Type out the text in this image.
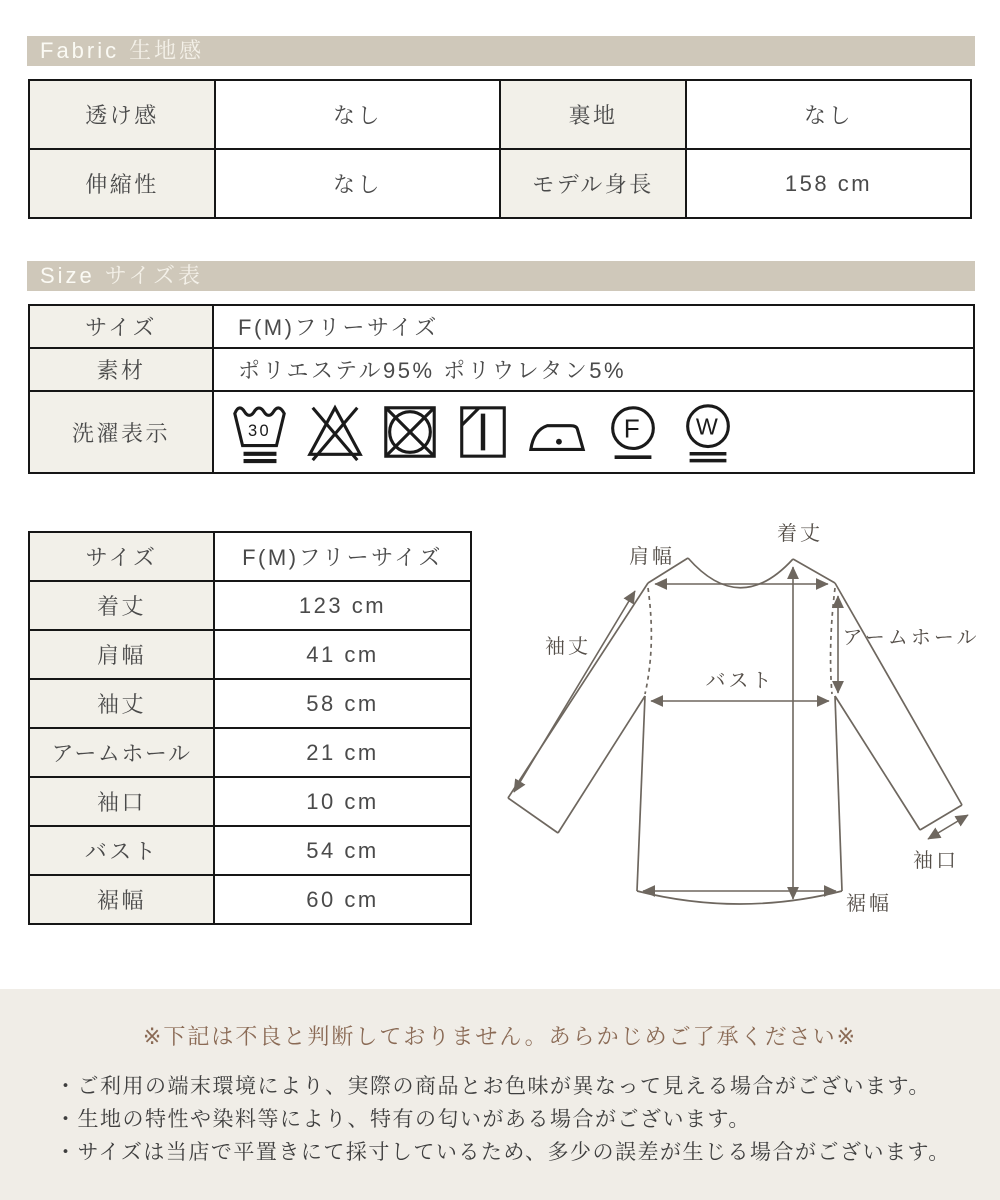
Fabric 生地感
透け感	なし	裏地	なし
伸縮性	なし	モデル身長	158 cm
Size サイズ表
サイズ	F(M)フリーサイズ
素材	ポリエステル95% ポリウレタン5%
洗濯表示	30 F W
サイズ	F(M)フリーサイズ
着丈	123 cm
肩幅	41 cm
袖丈	58 cm
アームホール	21 cm
袖口	10 cm
バスト	54 cm
裾幅	60 cm
着丈
肩幅
袖丈	アームホール
バスト
袖口
裾幅
※下記は不良と判断しておりません。あらかじめご了承ください※
・ご利用の端末環境により、実際の商品とお色味が異なって見える場合がございます。
・生地の特性や染料等により、特有の匂いがある場合がございます。
・サイズは当店で平置きにて採寸しているため、多少の誤差が生じる場合がございます。
